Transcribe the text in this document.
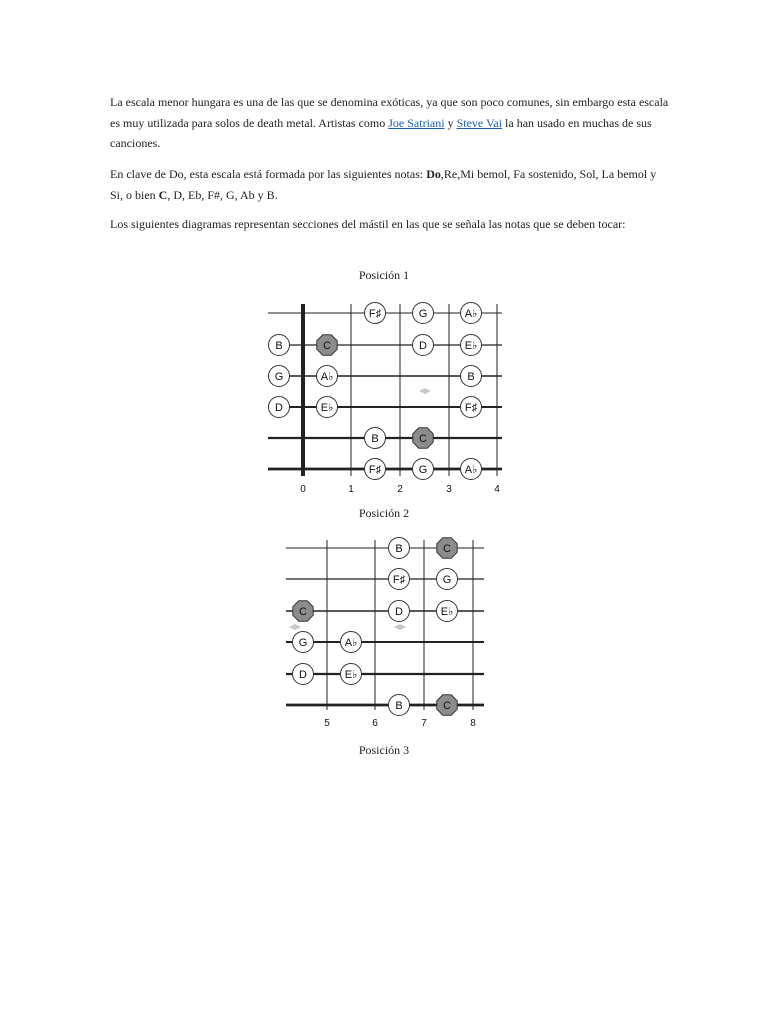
La escala menor hungara es una de las que se denomina exóticas, ya que son poco comunes, sin embargo esta escala es muy utilizada para solos de death metal. Artistas como Joe Satriani y Steve Vai la han usado en muchas de sus canciones.

En clave de Do, esta escala está formada por las siguientes notas: Do,Re,Mi bemol, Fa sostenido, Sol, La bemol y Si, o bien C, D, Eb, F#, G, Ab y B.

Los siguientes diagramas representan secciones del mástil en las que se señala las notas que se deben tocar:

Posición 1
0	1	2	3	4
F♯	G	A♭
B	C	D	E♭
G	A♭	B
D	E♭	F♯
B	C
F♯	G	A♭
Posición 2
5	6	7	8
B	C
F♯	G
C	D	E♭
G	A♭
D	E♭
B	C
Posición 3
